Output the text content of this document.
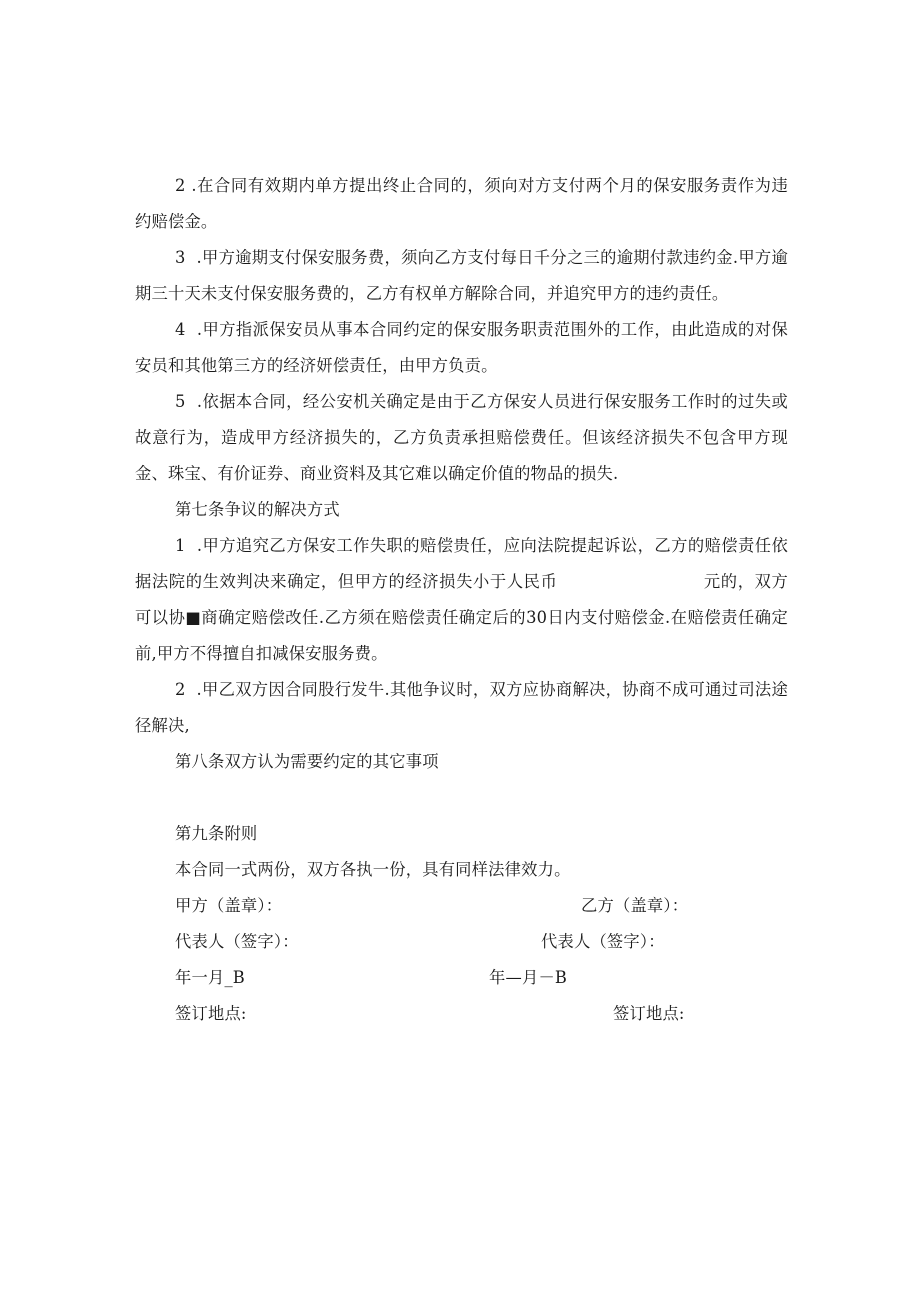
2 .在合同有效期内单方提出终止合同的，须向对方支付两个月的保安服务责作为违约赔偿金。

3 .甲方逾期支付保安服务费，须向乙方支付每日千分之三的逾期付款违约金.甲方逾期三十天未支付保安服务费的，乙方有权单方解除合同，并追究甲方的违约责任。

4 .甲方指派保安员从事本合同约定的保安服务职责范围外的工作，由此造成的对保安员和其他第三方的经济妍偿责任，由甲方负贡。

5 .依据本合同，经公安机关确定是由于乙方保安人员进行保安服务工作时的过失或故意行为，造成甲方经济损失的，乙方负责承担赔偿费任。但该经济损失不包含甲方现金、珠宝、有价证券、商业资料及其它难以确定价值的物品的损失.

第七条争议的解决方式

1 .甲方追究乙方保安工作失职的赔偿贵任，应向法院提起诉讼，乙方的赔偿责任依据法院的生效判决来确定，但甲方的经济损失小于人民币	元的，双方可以协■商确定赔偿改任.乙方须在赔偿责任确定后的30日内支付赔偿金.在赔偿责任确定前,甲方不得擅自扣减保安服务费。

2 .甲乙双方因合同股行发牛.其他争议时，双方应协商解决，协商不成可通过司法途径解决,

第八条双方认为需要约定的其它事项

第九条附则

本合同一式两份，双方各执一份，具有同样法律效力。

甲方（盖章）：	乙方（盖章）：
代表人（签字）：	代表人（签字）：
年一月_B	年—月－B
签订地点:	签订地点:
